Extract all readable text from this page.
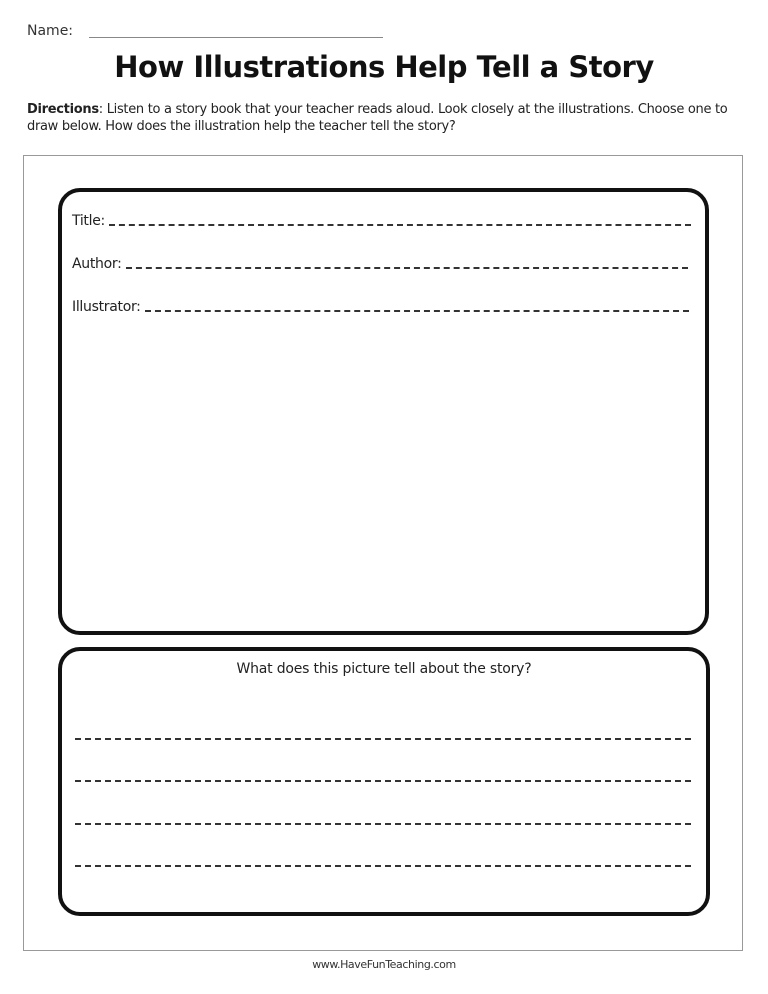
Name:
How Illustrations Help Tell a Story
Directions: Listen to a story book that your teacher reads aloud. Look closely at the illustrations. Choose one to draw below. How does the illustration help the teacher tell the story?
Title:
Author:
Illustrator:
What does this picture tell about the story?
www.HaveFunTeaching.com
